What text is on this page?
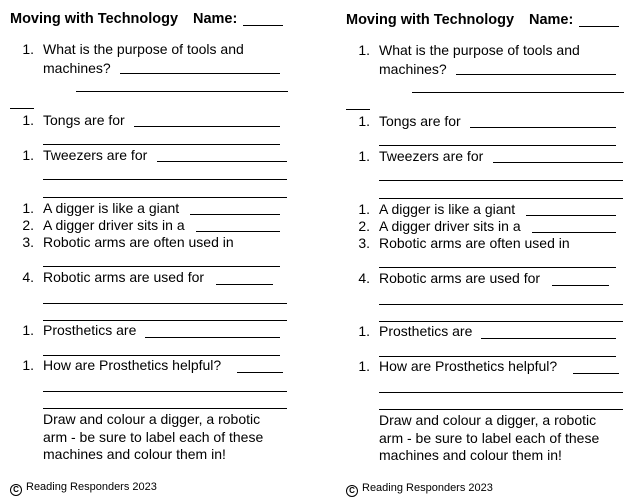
Moving with Technology Name:
1. What is the purpose of tools and
machines?
1. Tongs are for
1. Tweezers are for
1. A digger is like a giant
2. A digger driver sits in a
3. Robotic arms are often used in
4. Robotic arms are used for
1. Prosthetics are
1. How are Prosthetics helpful?
Draw and colour a digger, a robotic
arm - be sure to label each of these
machines and colour them in!
C Reading Responders 2023
Moving with Technology Name:
1. What is the purpose of tools and
machines?
1. Tongs are for
1. Tweezers are for
1. A digger is like a giant
2. A digger driver sits in a
3. Robotic arms are often used in
4. Robotic arms are used for
1. Prosthetics are
1. How are Prosthetics helpful?
Draw and colour a digger, a robotic
arm - be sure to label each of these
machines and colour them in!
C Reading Responders 2023
